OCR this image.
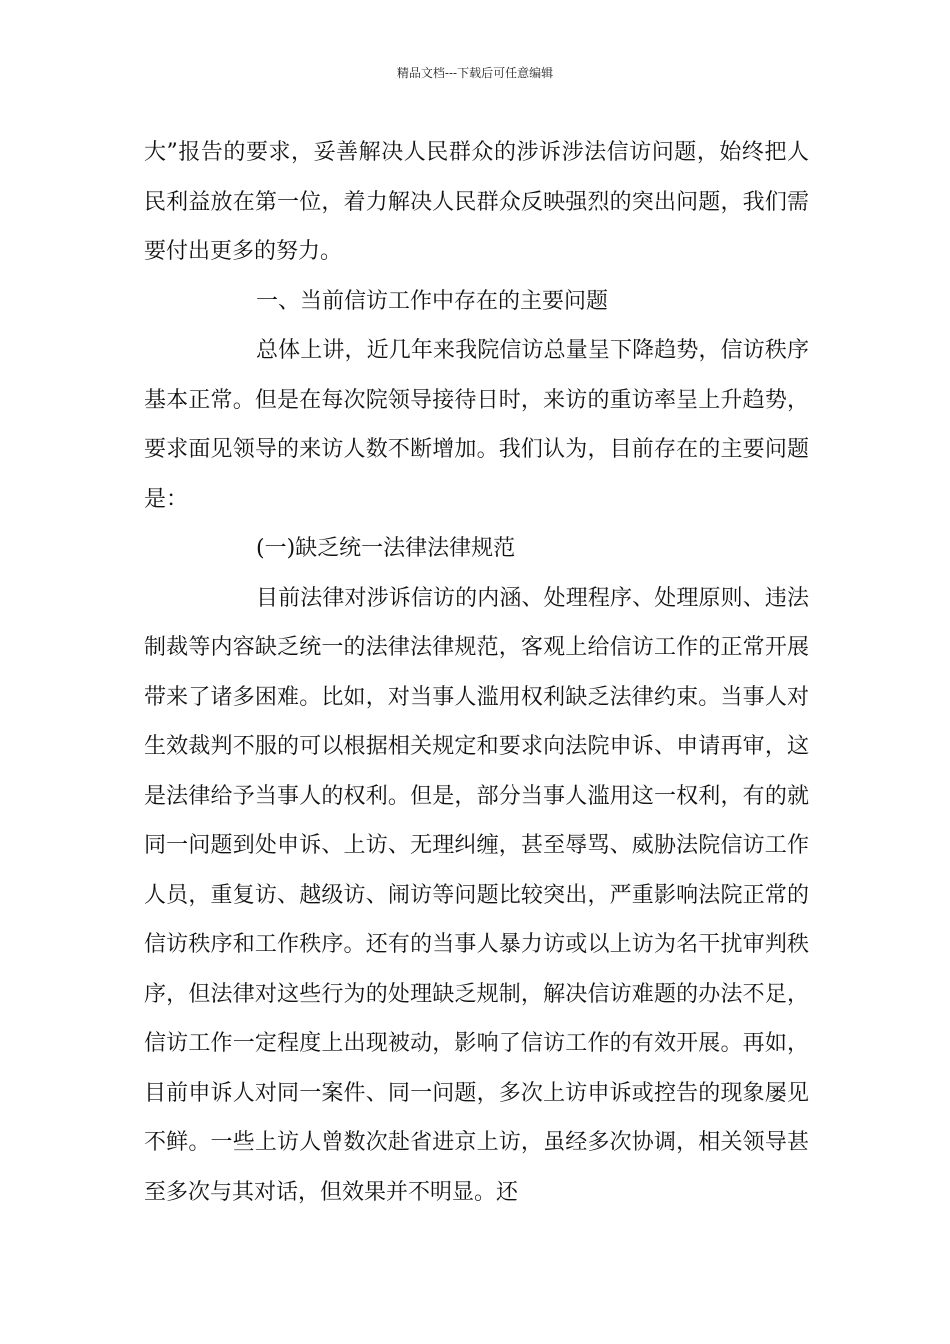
精品文档---下载后可任意编辑

大”报告的要求，妥善解决人民群众的涉诉涉法信访问题，始终把人民利益放在第一位，着力解决人民群众反映强烈的突出问题，我们需要付出更多的努力。

一、当前信访工作中存在的主要问题

总体上讲，近几年来我院信访总量呈下降趋势，信访秩序基本正常。但是在每次院领导接待日时，来访的重访率呈上升趋势，要求面见领导的来访人数不断增加。我们认为，目前存在的主要问题是：

(一)缺乏统一法律法律规范

目前法律对涉诉信访的内涵、处理程序、处理原则、违法制裁等内容缺乏统一的法律法律规范，客观上给信访工作的正常开展带来了诸多困难。比如，对当事人滥用权利缺乏法律约束。当事人对生效裁判不服的可以根据相关规定和要求向法院申诉、申请再审，这是法律给予当事人的权利。但是，部分当事人滥用这一权利，有的就同一问题到处申诉、上访、无理纠缠，甚至辱骂、威胁法院信访工作人员，重复访、越级访、闹访等问题比较突出，严重影响法院正常的信访秩序和工作秩序。还有的当事人暴力访或以上访为名干扰审判秩序，但法律对这些行为的处理缺乏规制，解决信访难题的办法不足，信访工作一定程度上出现被动，影响了信访工作的有效开展。再如，目前申诉人对同一案件、同一问题，多次上访申诉或控告的现象屡见不鲜。一些上访人曾数次赴省进京上访，虽经多次协调，相关领导甚至多次与其对话，但效果并不明显。还
